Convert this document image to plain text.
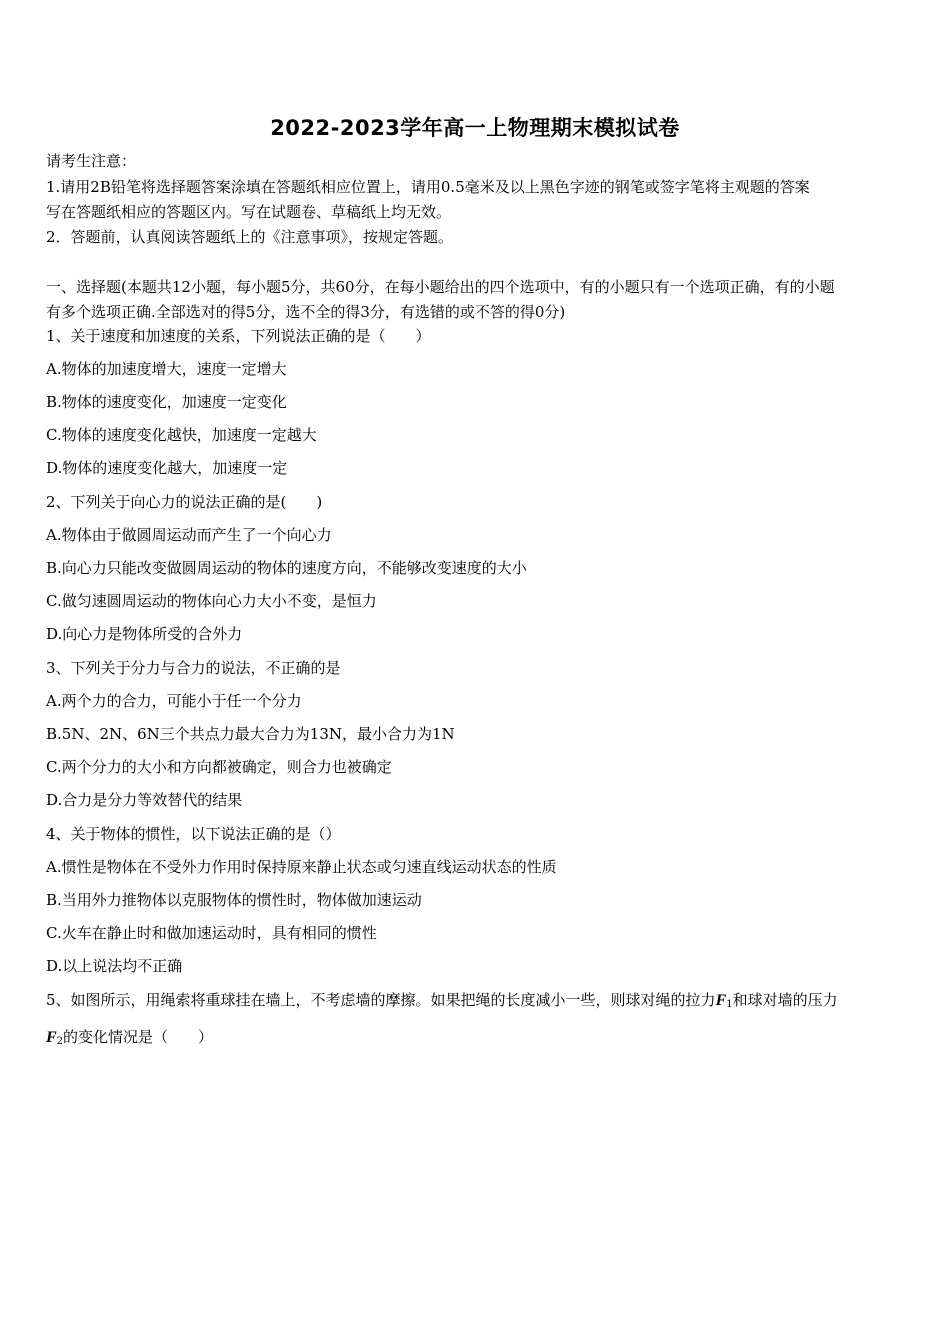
2022-2023学年高一上物理期末模拟试卷
请考生注意：
1.请用2B铅笔将选择题答案涂填在答题纸相应位置上，请用0.5毫米及以上黑色字迹的钢笔或签字笔将主观题的答案
写在答题纸相应的答题区内。写在试题卷、草稿纸上均无效。
2．答题前，认真阅读答题纸上的《注意事项》，按规定答题。
一、选择题(本题共12小题，每小题5分，共60分，在每小题给出的四个选项中，有的小题只有一个选项正确，有的小题
有多个选项正确.全部选对的得5分，选不全的得3分，有选错的或不答的得0分)
1、关于速度和加速度的关系，下列说法正确的是（　　）
A.物体的加速度增大，速度一定增大
B.物体的速度变化，加速度一定变化
C.物体的速度变化越快，加速度一定越大
D.物体的速度变化越大，加速度一定
2、下列关于向心力的说法正确的是(　　)
A.物体由于做圆周运动而产生了一个向心力
B.向心力只能改变做圆周运动的物体的速度方向，不能够改变速度的大小
C.做匀速圆周运动的物体向心力大小不变，是恒力
D.向心力是物体所受的合外力
3、下列关于分力与合力的说法，不正确的是
A.两个力的合力，可能小于任一个分力
B.5N、2N、6N三个共点力最大合力为13N，最小合力为1N
C.两个分力的大小和方向都被确定，则合力也被确定
D.合力是分力等效替代的结果
4、关于物体的惯性，以下说法正确的是（）
A.惯性是物体在不受外力作用时保持原来静止状态或匀速直线运动状态的性质
B.当用外力推物体以克服物体的惯性时，物体做加速运动
C.火车在静止时和做加速运动时，具有相同的惯性
D.以上说法均不正确
5、如图所示，用绳索将重球挂在墙上，不考虑墙的摩擦。如果把绳的长度减小一些，则球对绳的拉力$F_1$和球对墙的压力
$F_2$的变化情况是（　　）
